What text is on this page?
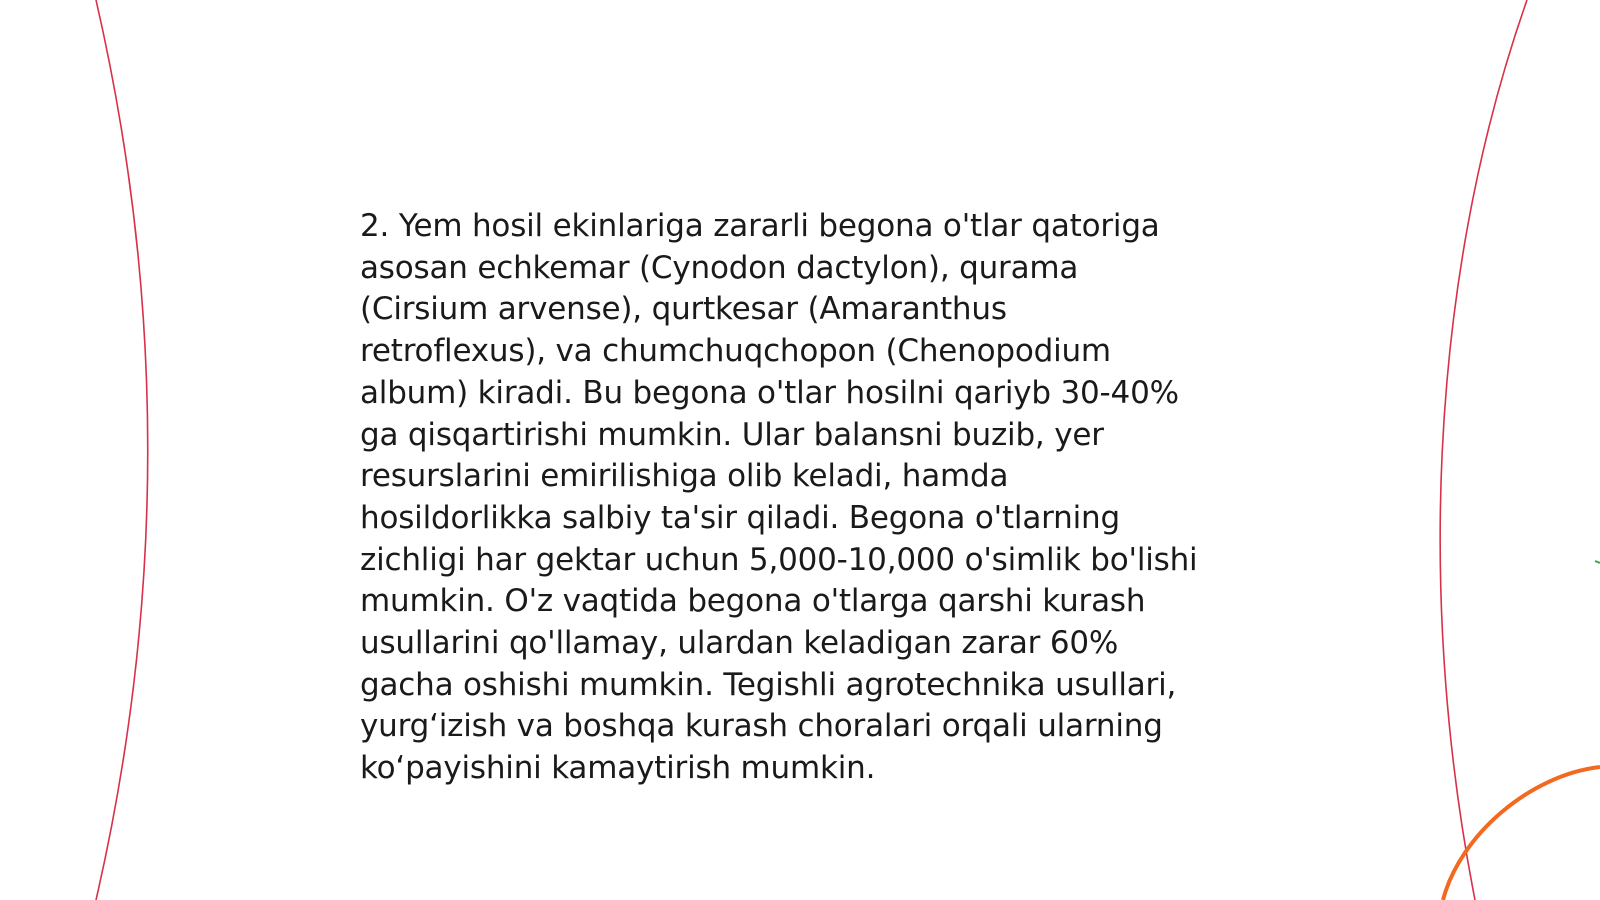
2. Yem hosil ekinlariga zararli begona o'tlar qatoriga
asosan echkemar (Cynodon dactylon), qurama
(Cirsium arvense), qurtkesar (Amaranthus
retroflexus), va chumchuqchopon (Chenopodium
album) kiradi. Bu begona o'tlar hosilni qariyb 30-40%
ga qisqartirishi mumkin. Ular balansni buzib, yer
resurslarini emirilishiga olib keladi, hamda
hosildorlikka salbiy ta'sir qiladi. Begona o'tlarning
zichligi har gektar uchun 5,000-10,000 o'simlik bo'lishi
mumkin. O'z vaqtida begona o'tlarga qarshi kurash
usullarini qo'llamay, ulardan keladigan zarar 60%
gacha oshishi mumkin. Tegishli agrotechnika usullari,
yurg‘izish va boshqa kurash choralari orqali ularning
ko‘payishini kamaytirish mumkin.
